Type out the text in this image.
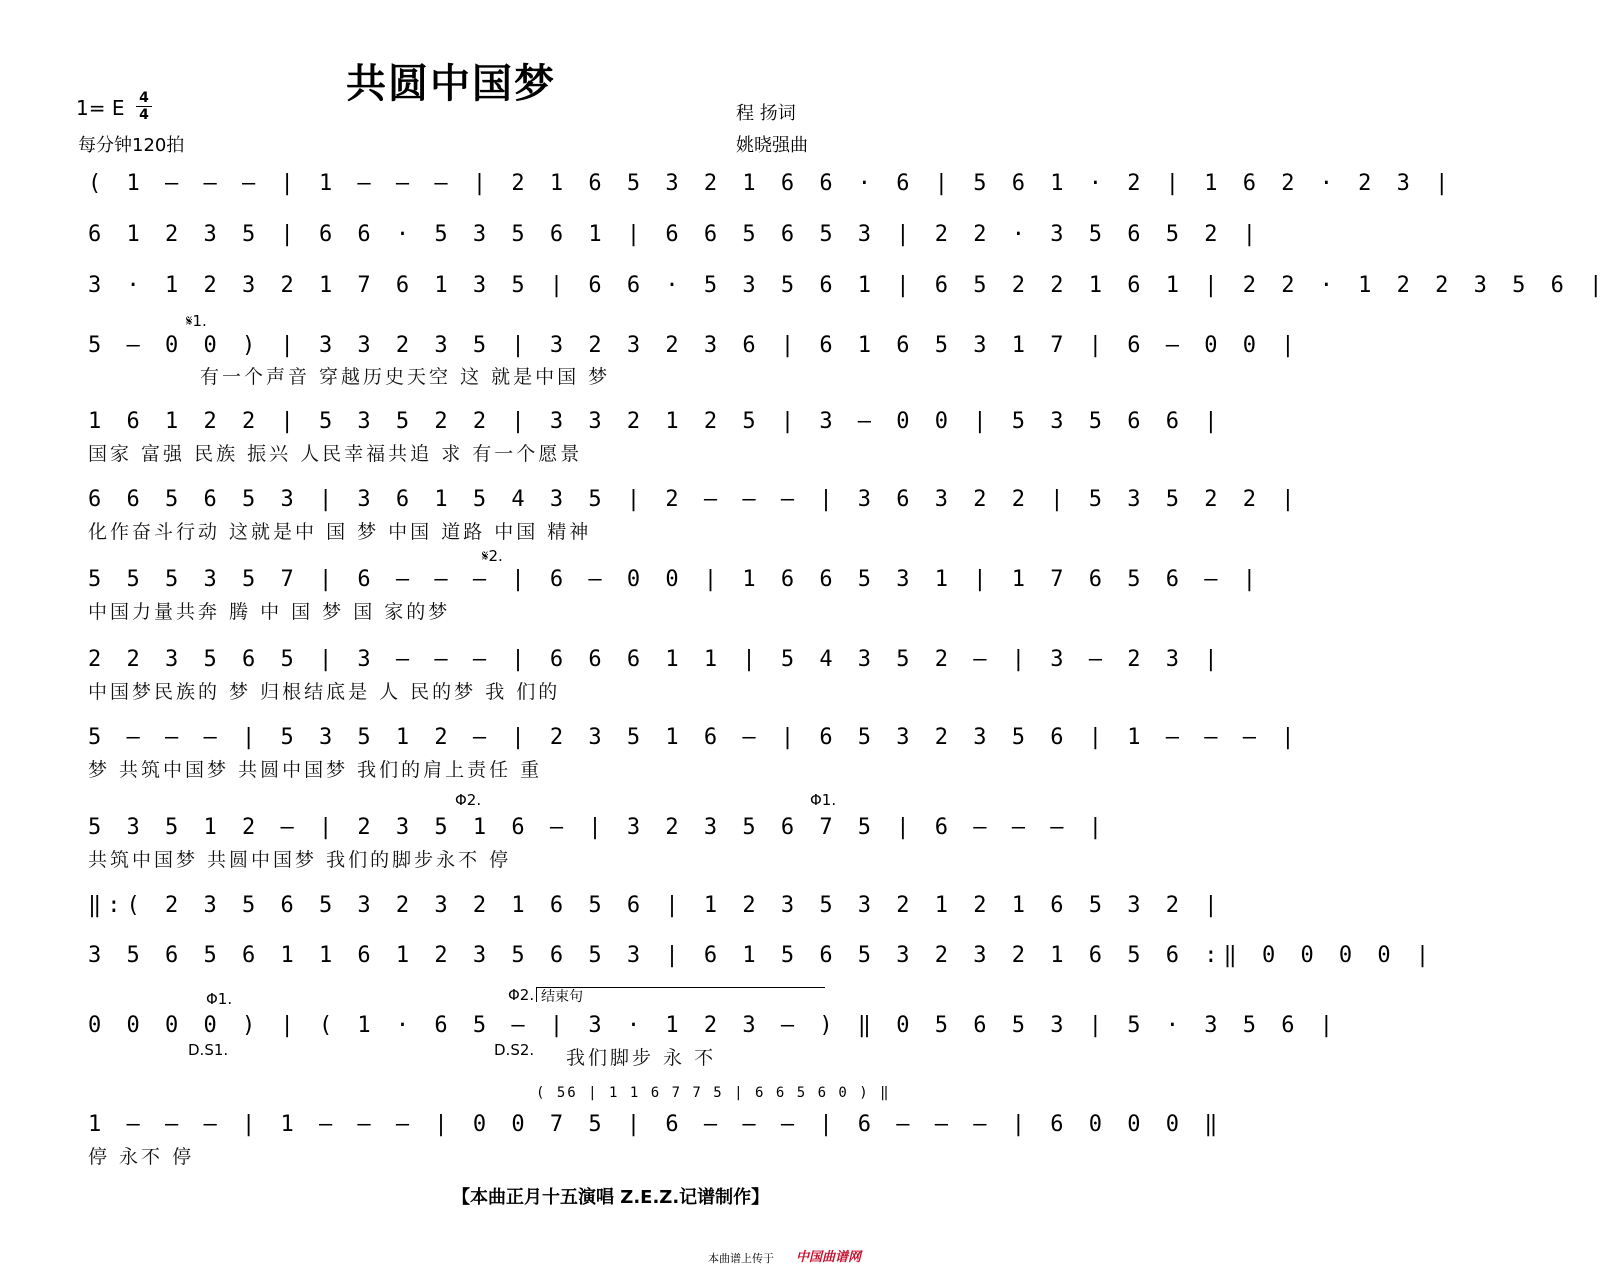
共圆中国梦
1= E 4
4
每分钟120拍
程 扬词
姚晓强曲
( 1 — — — | 1 — — — | 2 1 6 5 3 2 1 6 6 · 6 | 5 6 1 · 2 | 1 6 2 · 2 3 |
6 1 2 3 5 | 6 6 · 5 3 5 6 1 | 6 6 5 6 5 3 | 2 2 · 3 5 6 5 2 |
3 · 1 2 3 2 1 7 6 1 3 5 | 6 6 · 5 3 5 6 1 | 6 5 2 2 1 6 1 | 2 2 · 1 2 2 3 5 6 |
𝄋1.
5 — 0 0 ) | 3 3 2 3 5 | 3 2 3 2 3 6 | 6 1 6 5 3 1 7 | 6 — 0 0 |
有一个声音 穿越历史天空 这 就是中国 梦
1 6 1 2 2 | 5 3 5 2 2 | 3 3 2 1 2 5 | 3 — 0 0 | 5 3 5 6 6 |
国家 富强 民族 振兴 人民幸福共追 求 有一个愿景
6 6 5 6 5 3 | 3 6 1 5 4 3 5 | 2 — — — | 3 6 3 2 2 | 5 3 5 2 2 |
化作奋斗行动 这就是中 国 梦 中国 道路 中国 精神
𝄋2.
5 5 5 3 5 7 | 6 — — — | 6 — 0 0 | 1 6 6 5 3 1 | 1 7 6 5 6 — |
中国力量共奔 腾 中 国 梦 国 家的梦
2 2 3 5 6 5 | 3 — — — | 6 6 6 1 1 | 5 4 3 5 2 — | 3 — 2 3 |
中国梦民族的 梦 归根结底是 人 民的梦 我 们的
5 — — — | 5 3 5 1 2 — | 2 3 5 1 6 — | 6 5 3 2 3 5 6 | 1 — — — |
梦 共筑中国梦 共圆中国梦 我们的肩上责任 重
Φ2.	Φ1.
5 3 5 1 2 — | 2 3 5 1 6 — | 3 2 3 5 6 7 5 | 6 — — — |
共筑中国梦 共圆中国梦 我们的脚步永不 停
‖:( 2 3 5 6 5 3 2 3 2 1 6 5 6 | 1 2 3 5 3 2 1 2 1 6 5 3 2 |
3 5 6 5 6 1 1 6 1 2 3 5 6 5 3 | 6 1 5 6 5 3 2 3 2 1 6 5 6 :‖ 0 0 0 0 |
Φ1.	Φ2. 结束句
0 0 0 0 ) | ( 1 · 6 5 — | 3 · 1 2 3 — ) ‖ 0 5 6 5 3 | 5 · 3 5 6 |
D.S1.	D.S2. 我们脚步 永 不
( 56 | 1 1 6 7 7 5 | 6 6 5 6 0 ) ‖
1 — — — | 1 — — — | 0 0 7 5 | 6 — — — | 6 — — — | 6 0 0 0 ‖
停 永不 停
【本曲正月十五演唱 Z.E.Z.记谱制作】
本曲谱上传于 中国曲谱网
